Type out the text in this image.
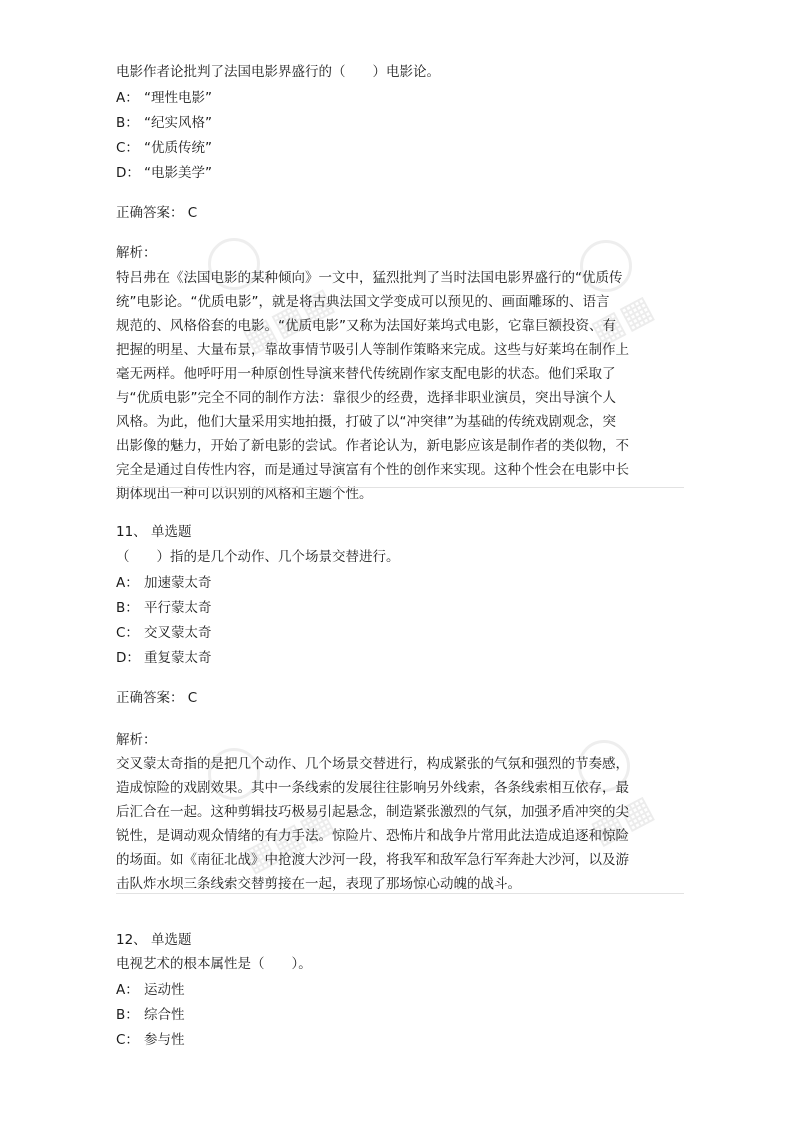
▦▦▦	▦▦
▦▦▦	▦▦
电影作者论批判了法国电影界盛行的（　　）电影论。
A： “理性电影”
B： “纪实风格”
C： “优质传统”
D： “电影美学”
正确答案： C
解析：
特吕弗在《法国电影的某种倾向》一文中，猛烈批判了当时法国电影界盛行的“优质传
统”电影论。“优质电影”，就是将古典法国文学变成可以预见的、画面雕琢的、语言
规范的、风格俗套的电影。“优质电影”又称为法国好莱坞式电影，它靠巨额投资、有
把握的明星、大量布景，靠故事情节吸引人等制作策略来完成。这些与好莱坞在制作上
毫无两样。他呼吁用一种原创性导演来替代传统剧作家支配电影的状态。他们采取了
与“优质电影”完全不同的制作方法：靠很少的经费，选择非职业演员，突出导演个人
风格。为此，他们大量采用实地拍摄，打破了以“冲突律”为基础的传统戏剧观念，突
出影像的魅力，开始了新电影的尝试。作者论认为，新电影应该是制作者的类似物，不
完全是通过自传性内容，而是通过导演富有个性的创作来实现。这种个性会在电影中长
期体现出一种可以识别的风格和主题个性。
11、 单选题
（　　）指的是几个动作、几个场景交替进行。
A： 加速蒙太奇
B： 平行蒙太奇
C： 交叉蒙太奇
D： 重复蒙太奇
正确答案： C
解析：
交叉蒙太奇指的是把几个动作、几个场景交替进行，构成紧张的气氛和强烈的节奏感，
造成惊险的戏剧效果。其中一条线索的发展往往影响另外线索，各条线索相互依存，最
后汇合在一起。这种剪辑技巧极易引起悬念，制造紧张激烈的气氛，加强矛盾冲突的尖
锐性，是调动观众情绪的有力手法。惊险片、恐怖片和战争片常用此法造成追逐和惊险
的场面。如《南征北战》中抢渡大沙河一段，将我军和敌军急行军奔赴大沙河，以及游
击队炸水坝三条线索交替剪接在一起，表现了那场惊心动魄的战斗。
12、 单选题
电视艺术的根本属性是（　　）。
A： 运动性
B： 综合性
C： 参与性
